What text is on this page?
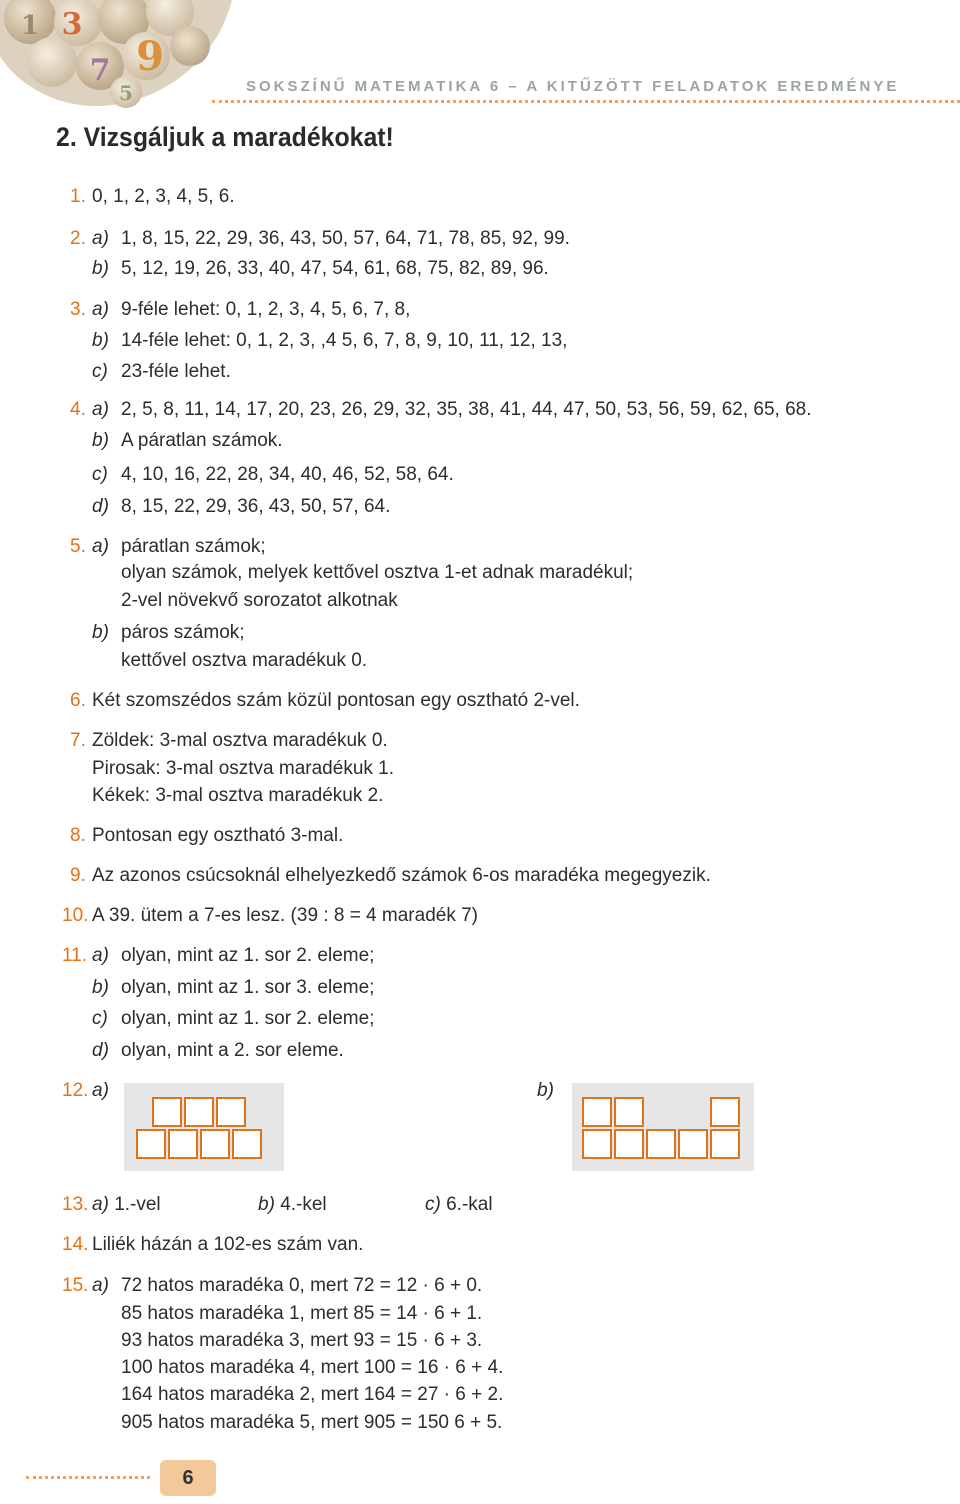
3
9
1
7
5	SOKSZÍNŰ MATEMATIKA 6 – A KITŰZÖTT FELADATOK EREDMÉNYE
2. Vizsgáljuk a maradékokat!
1. 0, 1, 2, 3, 4, 5, 6.
2. a) 1, 8, 15, 22, 29, 36, 43, 50, 57, 64, 71, 78, 85, 92, 99.
b) 5, 12, 19, 26, 33, 40, 47, 54, 61, 68, 75, 82, 89, 96.
3. a) 9-féle lehet: 0, 1, 2, 3, 4, 5, 6, 7, 8,
b) 14-féle lehet: 0, 1, 2, 3, ,4 5, 6, 7, 8, 9, 10, 11, 12, 13,
c) 23-féle lehet.
4. a) 2, 5, 8, 11, 14, 17, 20, 23, 26, 29, 32, 35, 38, 41, 44, 47, 50, 53, 56, 59, 62, 65, 68.
b) A páratlan számok.
c) 4, 10, 16, 22, 28, 34, 40, 46, 52, 58, 64.
d) 8, 15, 22, 29, 36, 43, 50, 57, 64.
5. a) páratlan számok;
olyan számok, melyek kettővel osztva 1-et adnak maradékul;
2-vel növekvő sorozatot alkotnak
b) páros számok;
kettővel osztva maradékuk 0.
6. Két szomszédos szám közül pontosan egy osztható 2-vel.
7. Zöldek: 3-mal osztva maradékuk 0.
Pirosak: 3-mal osztva maradékuk 1.
Kékek: 3-mal osztva maradékuk 2.
8. Pontosan egy osztható 3-mal.
9. Az azonos csúcsoknál elhelyezkedő számok 6-os maradéka megegyezik.
10. A 39. ütem a 7-es lesz. (39 : 8 = 4 maradék 7)
11. a) olyan, mint az 1. sor 2. eleme;
b) olyan, mint az 1. sor 3. eleme;
c) olyan, mint az 1. sor 2. eleme;
d) olyan, mint a 2. sor eleme.
12. a)
14. Liliék házán a 102-es szám van.
15. a) 72 hatos maradéka 0, mert 72 = 12 · 6 + 0.
85 hatos maradéka 1, mert 85 = 14 · 6 + 1.
93 hatos maradéka 3, mert 93 = 15 · 6 + 3.
100 hatos maradéka 4, mert 100 = 16 · 6 + 4.
164 hatos maradéka 2, mert 164 = 27 · 6 + 2.
905 hatos maradéka 5, mert 905 = 150 6 + 5.
b)
13. a) 1.-vel	b) 4.-kel	c) 6.-kal
6
